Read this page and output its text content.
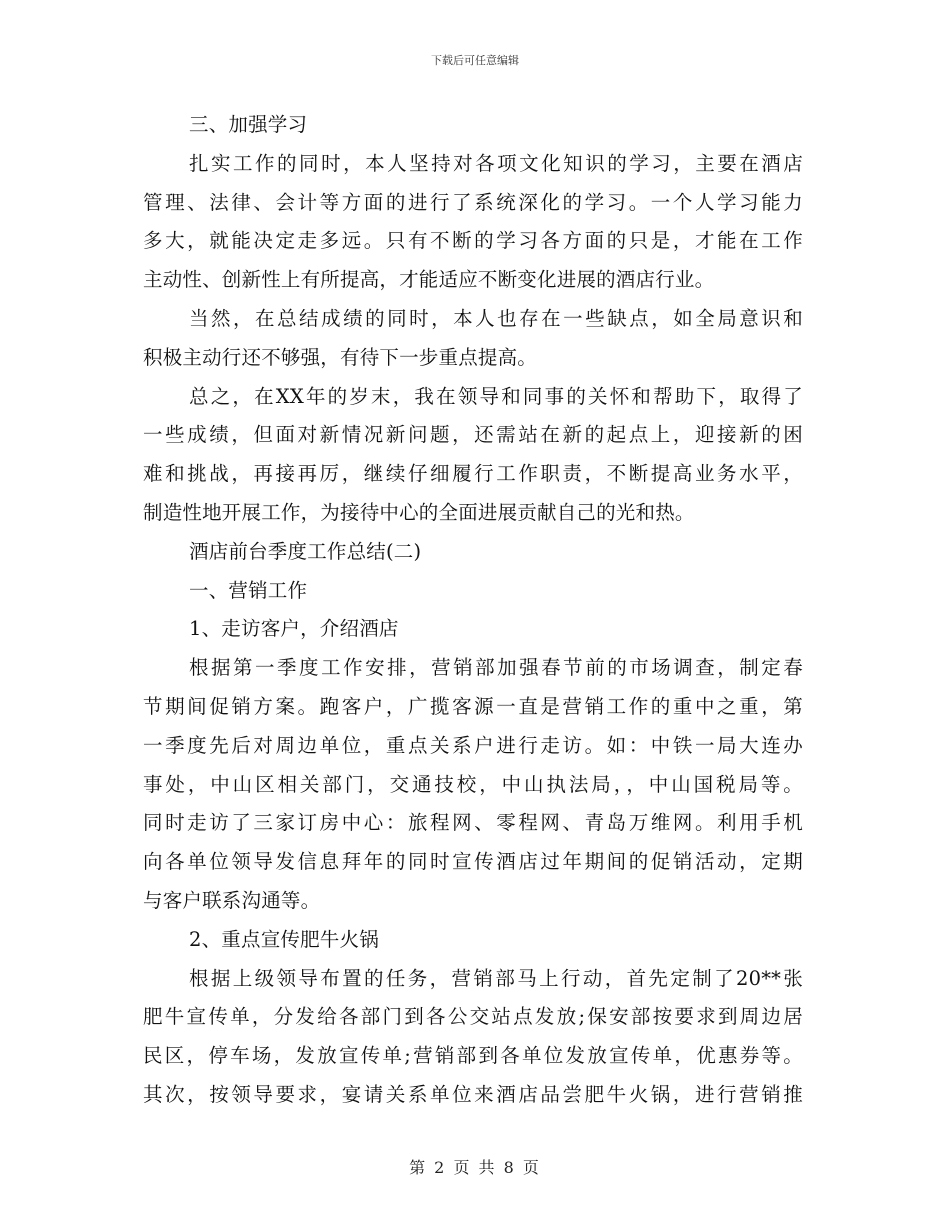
下载后可任意编辑
三、加强学习
扎实工作的同时，本人坚持对各项文化知识的学习，主要在酒店
管理、法律、会计等方面的进行了系统深化的学习。一个人学习能力
多大，就能决定走多远。只有不断的学习各方面的只是，才能在工作
主动性、创新性上有所提高，才能适应不断变化进展的酒店行业。
当然，在总结成绩的同时，本人也存在一些缺点，如全局意识和
积极主动行还不够强，有待下一步重点提高。
总之，在XX年的岁末，我在领导和同事的关怀和帮助下，取得了
一些成绩，但面对新情况新问题，还需站在新的起点上，迎接新的困
难和挑战，再接再厉，继续仔细履行工作职责，不断提高业务水平，
制造性地开展工作，为接待中心的全面进展贡献自己的光和热。
酒店前台季度工作总结(二)
一、营销工作
1、走访客户，介绍酒店
根据第一季度工作安排，营销部加强春节前的市场调查，制定春
节期间促销方案。跑客户，广揽客源一直是营销工作的重中之重，第
一季度先后对周边单位，重点关系户进行走访。如：中铁一局大连办
事处，中山区相关部门，交通技校，中山执法局，，中山国税局等。
同时走访了三家订房中心：旅程网、零程网、青岛万维网。利用手机
向各单位领导发信息拜年的同时宣传酒店过年期间的促销活动，定期
与客户联系沟通等。
2、重点宣传肥牛火锅
根据上级领导布置的任务，营销部马上行动，首先定制了20**张
肥牛宣传单，分发给各部门到各公交站点发放;保安部按要求到周边居
民区，停车场，发放宣传单;营销部到各单位发放宣传单，优惠券等。
其次，按领导要求，宴请关系单位来酒店品尝肥牛火锅，进行营销推
第 2 页 共 8 页
